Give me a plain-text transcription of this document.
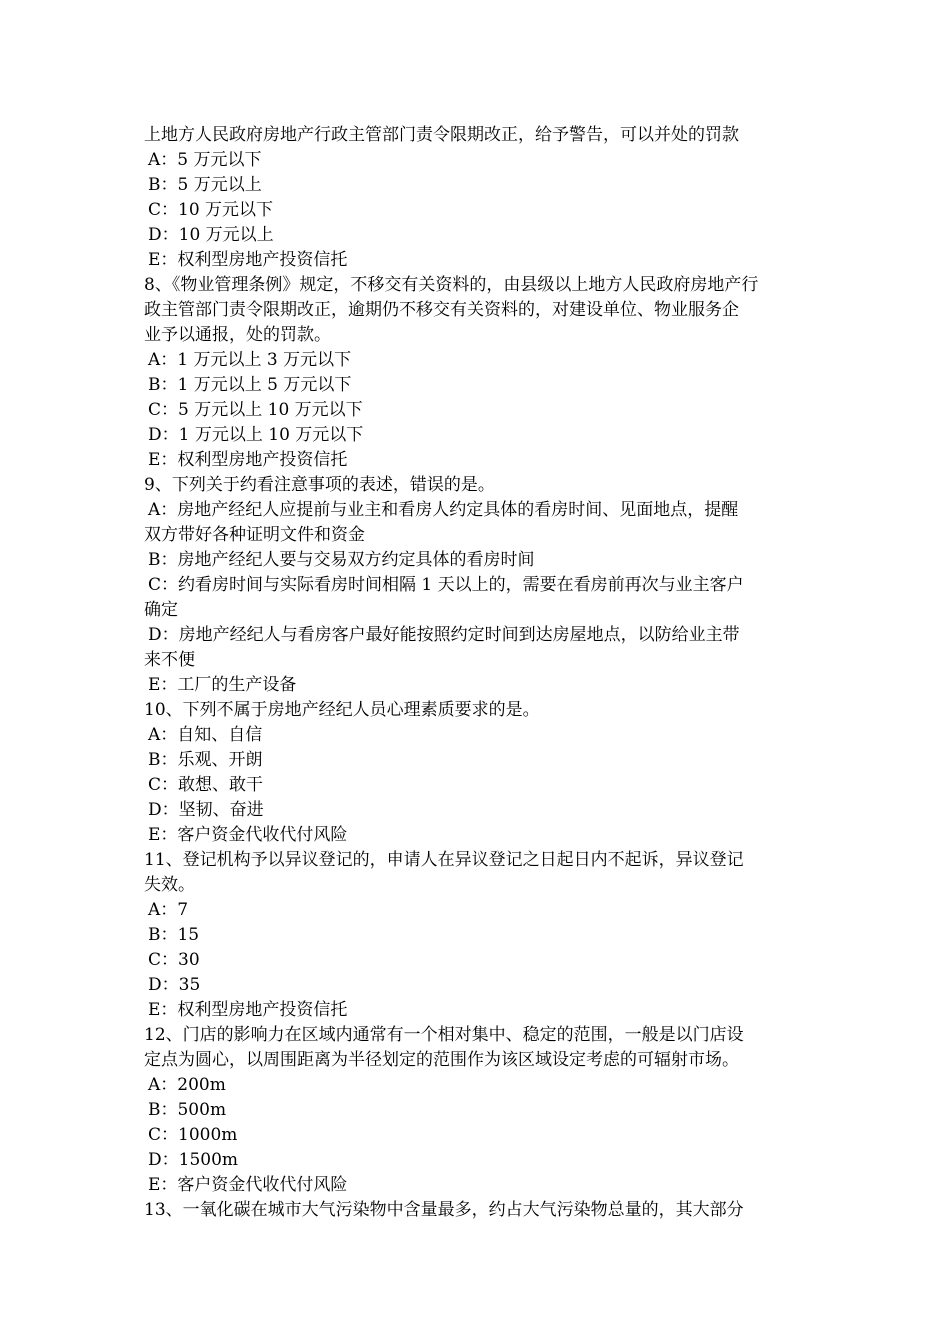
上地方人民政府房地产行政主管部门责令限期改正，给予警告，可以并处的罚款
A：5 万元以下
B：5 万元以上
C：10 万元以下
D：10 万元以上
E：权利型房地产投资信托
8、《物业管理条例》规定，不移交有关资料的，由县级以上地方人民政府房地产行
政主管部门责令限期改正，逾期仍不移交有关资料的，对建设单位、物业服务企
业予以通报，处的罚款。
A：1 万元以上 3 万元以下
B：1 万元以上 5 万元以下
C：5 万元以上 10 万元以下
D：1 万元以上 10 万元以下
E：权利型房地产投资信托
9、下列关于约看注意事项的表述，错误的是。
A：房地产经纪人应提前与业主和看房人约定具体的看房时间、见面地点，提醒
双方带好各种证明文件和资金
B：房地产经纪人要与交易双方约定具体的看房时间
C：约看房时间与实际看房时间相隔 1 天以上的，需要在看房前再次与业主客户
确定
D：房地产经纪人与看房客户最好能按照约定时间到达房屋地点，以防给业主带
来不便
E：工厂的生产设备
10、下列不属于房地产经纪人员心理素质要求的是。
A：自知、自信
B：乐观、开朗
C：敢想、敢干
D：坚韧、奋进
E：客户资金代收代付风险
11、登记机构予以异议登记的，申请人在异议登记之日起日内不起诉，异议登记
失效。
A：7
B：15
C：30
D：35
E：权利型房地产投资信托
12、门店的影响力在区域内通常有一个相对集中、稳定的范围，一般是以门店设
定点为圆心，以周围距离为半径划定的范围作为该区域设定考虑的可辐射市场。
A：200m
B：500m
C：1000m
D：1500m
E：客户资金代收代付风险
13、一氧化碳在城市大气污染物中含量最多，约占大气污染物总量的，其大部分
